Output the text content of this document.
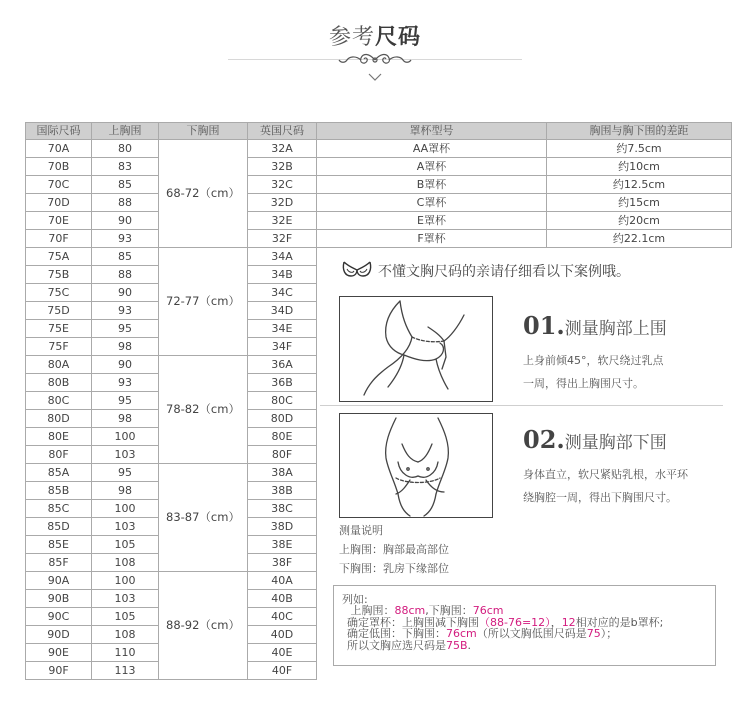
参考尺码
国际尺码	上胸围	下胸围	英国尺码	罩杯型号	胸围与胸下围的差距
70A	80	68-72（cm）	32A	AA罩杯	约7.5cm
70B	83		32B	A罩杯	约10cm
70C	85		32C	B罩杯	约12.5cm
70D	88		32D	C罩杯	约15cm
70E	90		32E	E罩杯	约20cm
70F	93		32F	F罩杯	约22.1cm
75A	85	72-77（cm）	34A		
75B	88		34B		
75C	90		34C		
75D	93		34D		
75E	95		34E		
75F	98		34F		
80A	90	78-82（cm）	36A		
80B	93		36B		
80C	95		80C		
80D	98		80D		
80E	100		80E		
80F	103		80F		
85A	95	83-87（cm）	38A		
85B	98		38B		
85C	100		38C		
85D	103		38D		
85E	105		38E		
85F	108		38F		
90A	100	88-92（cm）	40A		
90B	103		40B		
90C	105		40C		
90D	108		40D		
90E	110		40E		
90F	113		40F		
不懂文胸尺码的亲请仔细看以下案例哦。
01.测量胸部上围
上身前倾45°，软尺绕过乳点
一周，得出上胸围尺寸。
02.测量胸部下围
身体直立，软尺紧贴乳根，水平环
绕胸腔一周，得出下胸围尺寸。
测量说明
上胸围：胸部最高部位
下胸围：乳房下缘部位
列如:
上胸围：88cm,下胸围：76cm
确定罩杯：上胸围减下胸围（88-76=12），12相对应的是b罩杯;
确定低围：下胸围：76cm（所以文胸低围尺码是75）；
所以文胸应选尺码是75B.
